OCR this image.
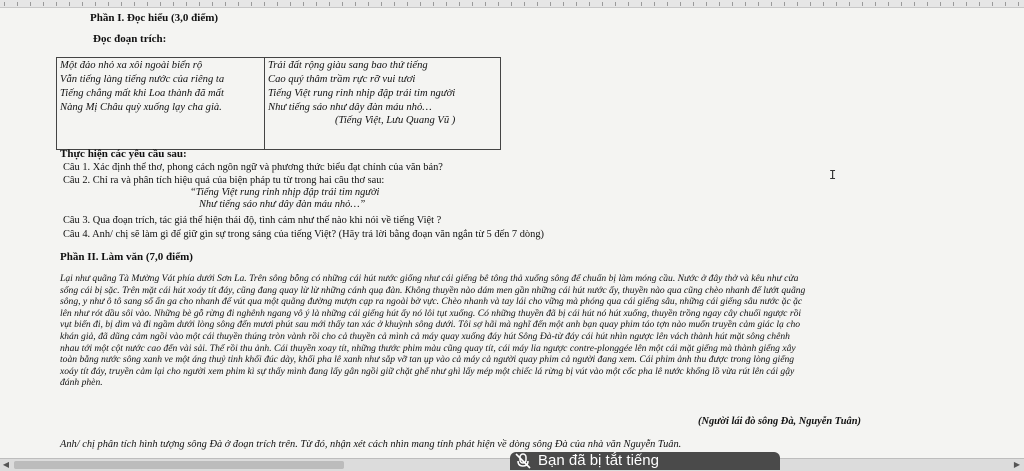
Phần I. Đọc hiểu (3,0 điểm)
Đọc đoạn trích:
Một đảo nhỏ xa xôi ngoài biển rộ
Vẫn tiếng làng tiếng nước của riêng ta
Tiếng chẳng mất khi Loa thành đã mất
Nàng Mị Châu quỳ xuống lạy cha già.
Trải đất rộng giàu sang bao thứ tiếng
Cao quý thâm trầm rực rỡ vui tươi
Tiếng Việt rung rinh nhịp đập trái tim người
Như tiếng sáo như dây đàn máu nhỏ…
(Tiếng Việt, Lưu Quang Vũ )
Thực hiện các yêu cầu sau:
Câu 1. Xác định thể thơ, phong cách ngôn ngữ và phương thức biểu đạt chính của văn bản?
Câu 2. Chỉ ra và phân tích hiệu quả của biện pháp tu từ trong hai câu thơ sau:
“Tiếng Việt rung rinh nhịp đập trái tim người
Như tiếng sáo như dây đàn máu nhỏ…”
Câu 3. Qua đoạn trích, tác giả thể hiện thái độ, tình cảm như thế nào khi nói về tiếng Việt ?
Câu 4. Anh/ chị sẽ làm gì để giữ gìn sự trong sáng của tiếng Việt? (Hãy trả lời bằng đoạn văn ngắn từ 5 đến 7 dòng)
Phần II. Làm văn (7,0 điểm)
Lại như quãng Tà Mường Vát phía dưới Sơn La. Trên sông bỗng có những cái hút nước giống như cái giếng bê tông thả xuống sông để chuẩn bị làm móng cầu. Nước ở đây thở và kêu như cửa
sống cái bị sặc. Trên mặt cái hút xoáy tít đáy, cũng đang quay lừ lừ những cánh quạ đàn. Không thuyền nào dám men gần những cái hút nước ấy, thuyền nào qua cũng chèo nhanh để lướt quãng
sông, y như ô tô sang số ấn ga cho nhanh để vút qua một quãng đường mượn cạp ra ngoài bờ vực. Chèo nhanh và tay lái cho vững mà phóng qua cái giếng sâu, những cái giếng sâu nước ặc ặc
lên như rót dầu sôi vào. Những bè gỗ rừng đi nghênh ngang vô ý là những cái giếng hút ấy nó lôi tụt xuống. Có những thuyền đã bị cái hút nó hút xuống, thuyền trồng ngay cây chuối ngược rồi
vụt biến đi, bị dìm và đi ngầm dưới lòng sông đến mươi phút sau mới thấy tan xác ở khuỳnh sông dưới. Tôi sợ hãi mà nghĩ đến một anh bạn quay phim táo tợn nào muốn truyền cảm giác lạ cho
khán giả, đã dũng cảm ngồi vào một cái thuyền thúng tròn vành rồi cho cả thuyền cả mình cả máy quay xuống đáy hút Sông Đà-từ đáy cái hút nhìn ngược lên vách thành hút mặt sông chênh
nhau tới một cột nước cao đến vài sải. Thế rồi thu ảnh. Cái thuyền xoay tít, những thước phim màu cũng quay tít, cái máy lia ngược contre-plonggée lên một cái mặt giếng mà thành giếng xây
toàn bằng nước sông xanh ve một áng thuỷ tinh khối đúc dày, khối pha lê xanh như sắp vỡ tan ụp vào cả máy cả người quay phim cả người đang xem. Cái phim ảnh thu được trong lòng giếng
xoáy tít đáy, truyền cảm lại cho người xem phim kì sự thấy mình đang lấy gân ngồi giữ chặt ghế như ghì lấy mép một chiếc lá rừng bị vút vào một cốc pha lê nước khổng lồ vừa rút lên cái gậy
đánh phèn.
(Người lái đò sông Đà, Nguyễn Tuân)
Anh/ chị phân tích hình tượng sông Đà ở đoạn trích trên. Từ đó, nhận xét cách nhìn mang tính phát hiện về dòng sông Đà của nhà văn Nguyễn Tuân.
I
◀	▶
Bạn đã bị tắt tiếng
